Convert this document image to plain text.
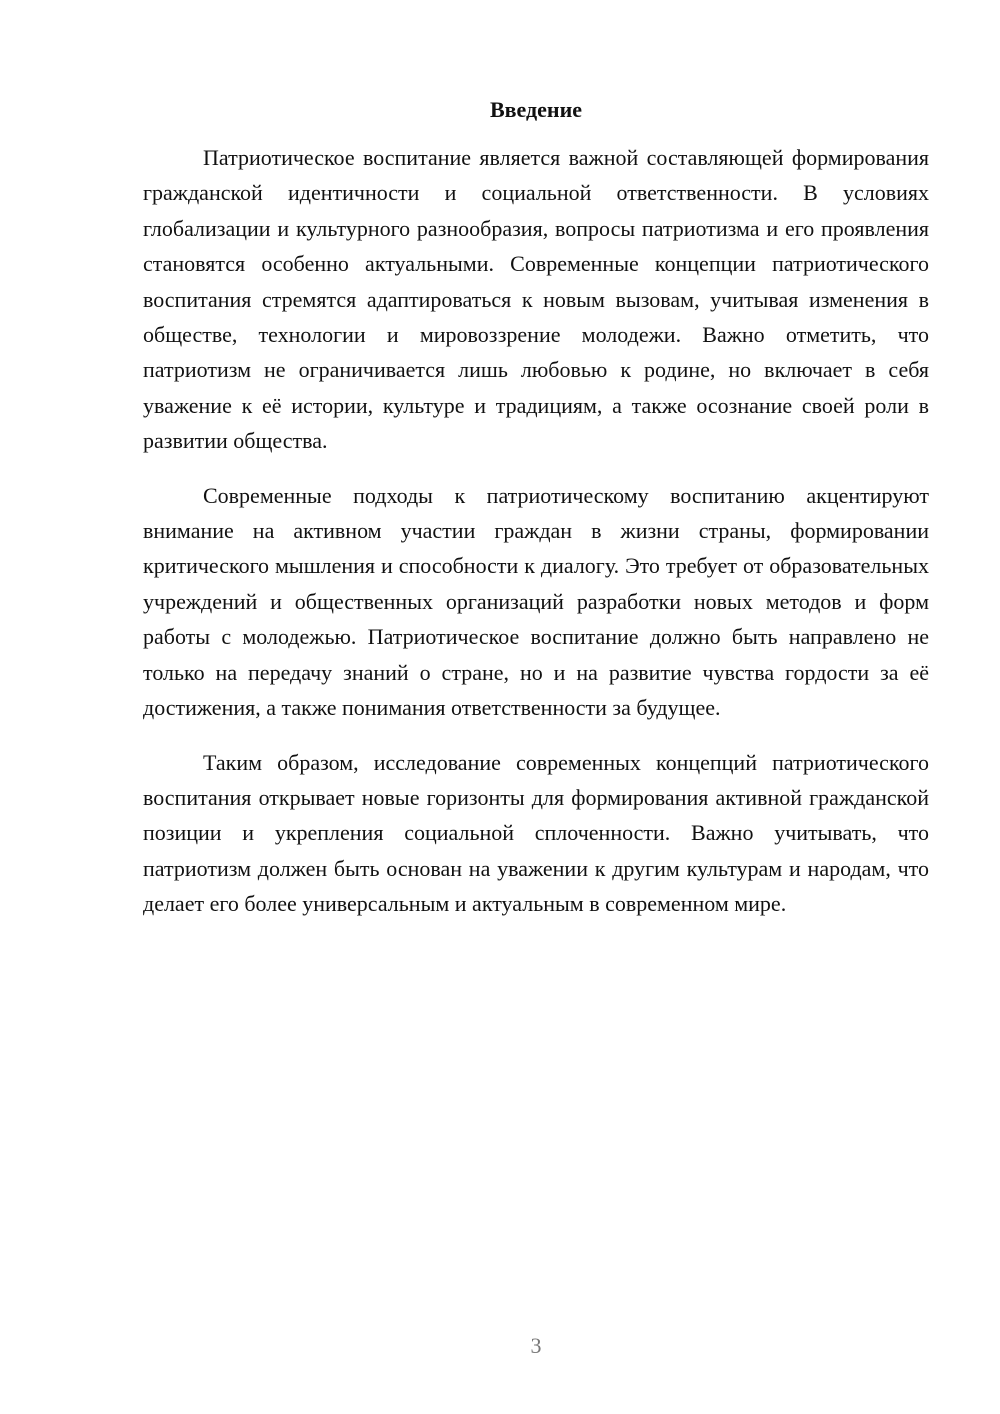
Введение

Патриотическое воспитание является важной составляющей формирования гражданской идентичности и социальной ответственности. В условиях глобализации и культурного разнообразия, вопросы патриотизма и его проявления становятся особенно актуальными. Современные концепции патриотического воспитания стремятся адаптироваться к новым вызовам, учитывая изменения в обществе, технологии и мировоззрение молодежи. Важно отметить, что патриотизм не ограничивается лишь любовью к родине, но включает в себя уважение к её истории, культуре и традициям, а также осознание своей роли в развитии общества.

Современные подходы к патриотическому воспитанию акцентируют внимание на активном участии граждан в жизни страны, формировании критического мышления и способности к диалогу. Это требует от образовательных учреждений и общественных организаций разработки новых методов и форм работы с молодежью. Патриотическое воспитание должно быть направлено не только на передачу знаний о стране, но и на развитие чувства гордости за её достижения, а также понимания ответственности за будущее.

Таким образом, исследование современных концепций патриотического воспитания открывает новые горизонты для формирования активной гражданской позиции и укрепления социальной сплоченности. Важно учитывать, что патриотизм должен быть основан на уважении к другим культурам и народам, что делает его более универсальным и актуальным в современном мире.

3
